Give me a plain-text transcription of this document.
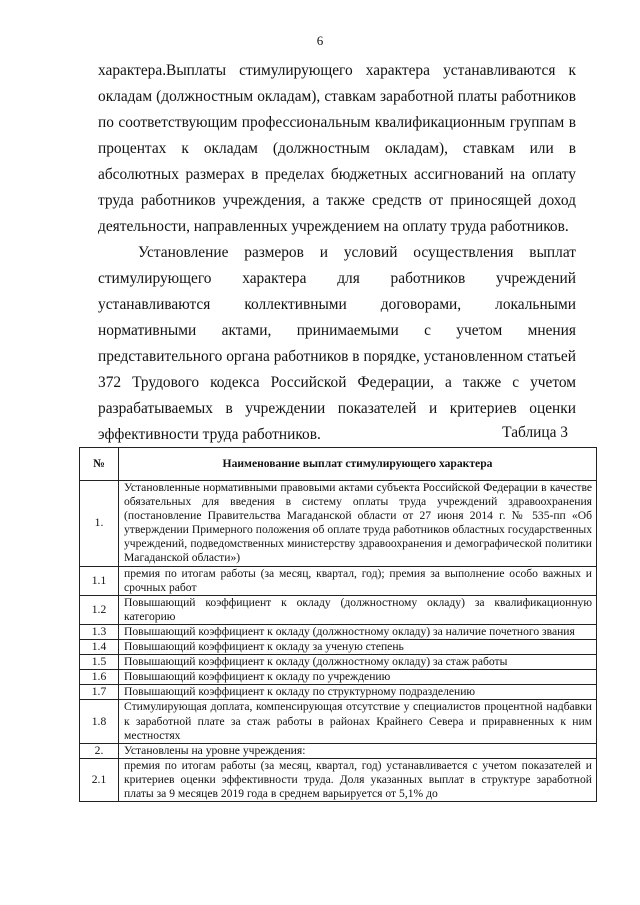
6

характера.Выплаты стимулирующего характера устанавливаются к окладам (должностным окладам), ставкам заработной платы работников по соответствующим профессиональным квалификационным группам в процентах к окладам (должностным окладам), ставкам или в абсолютных размерах в пределах бюджетных ассигнований на оплату труда работников учреждения, а также средств от приносящей доход деятельности, направленных учреждением на оплату труда работников.

Установление размеров и условий осуществления выплат стимулирующего характера для работников учреждений устанавливаются коллективными договорами, локальными нормативными актами, принимаемыми с учетом мнения представительного органа работников в порядке, установленном статьей 372 Трудового кодекса Российской Федерации, а также с учетом разрабатываемых в учреждении показателей и критериев оценки эффективности труда работников.	Таблица 3
№	Наименование выплат стимулирующего характера
1.	Установленные нормативными правовыми актами субъекта Российской Федерации в качестве обязательных для введения в систему оплаты труда учреждений здравоохранения (постановление Правительства Магаданской области от 27 июня 2014 г. № 535-пп «Об утверждении Примерного положения об оплате труда работников областных государственных учреждений, подведомственных министерству здравоохранения и демографической политики Магаданской области»)
1.1	премия по итогам работы (за месяц, квартал, год); премия за выполнение особо важных и срочных работ
1.2	Повышающий коэффициент к окладу (должностному окладу) за квалификационную категорию
1.3	Повышающий коэффициент к окладу (должностному окладу) за наличие почетного звания
1.4	Повышающий коэффициент к окладу за ученую степень
1.5	Повышающий коэффициент к окладу (должностному окладу) за стаж работы
1.6	Повышающий коэффициент к окладу по учреждению
1.7	Повышающий коэффициент к окладу по структурному подразделению
1.8	Стимулирующая доплата, компенсирующая отсутствие у специалистов процентной надбавки к заработной плате за стаж работы в районах Крайнего Севера и приравненных к ним местностях
2.	Установлены на уровне учреждения:
2.1	премия по итогам работы (за месяц, квартал, год) устанавливается с учетом показателей и критериев оценки эффективности труда. Доля указанных выплат в структуре заработной платы за 9 месяцев 2019 года в среднем варьируется от 5,1% до
